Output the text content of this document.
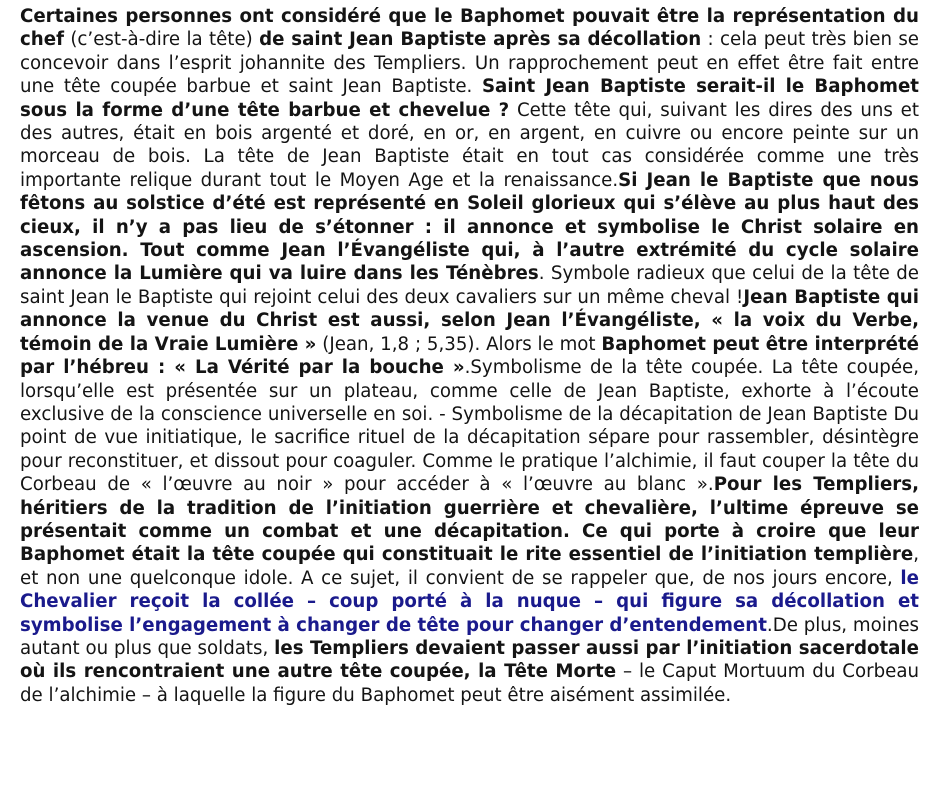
Certaines personnes ont considéré que le Baphomet pouvait être la représentation du chef (c’est-à-dire la tête) de saint Jean Baptiste après sa décollation : cela peut très bien se concevoir dans l’esprit johannite des Templiers. Un rapprochement peut en effet être fait entre une tête coupée barbue et saint Jean Baptiste. Saint Jean Baptiste serait-il le Baphomet sous la forme d’une tête barbue et chevelue ? Cette tête qui, suivant les dires des uns et des autres, était en bois argenté et doré, en or, en argent, en cuivre ou encore peinte sur un morceau de bois. La tête de Jean Baptiste était en tout cas considérée comme une très importante relique durant tout le Moyen Age et la renaissance.Si Jean le Baptiste que nous fêtons au solstice d’été est représenté en Soleil glorieux qui s’élève au plus haut des cieux, il n’y a pas lieu de s’étonner : il annonce et symbolise le Christ solaire en ascension. Tout comme Jean l’Évangéliste qui, à l’autre extrémité du cycle solaire annonce la Lumière qui va luire dans les Ténèbres. Symbole radieux que celui de la tête de saint Jean le Baptiste qui rejoint celui des deux cavaliers sur un même cheval !Jean Baptiste qui annonce la venue du Christ est aussi, selon Jean l’Évangéliste, « la voix du Verbe, témoin de la Vraie Lumière » (Jean, 1,8 ; 5,35). Alors le mot Baphomet peut être interprété par l’hébreu : « La Vérité par la bouche ».Symbolisme de la tête coupée. La tête coupée, lorsqu’elle est présentée sur un plateau, comme celle de Jean Baptiste, exhorte à l’écoute exclusive de la conscience universelle en soi. - Symbolisme de la décapitation de Jean Baptiste Du point de vue initiatique, le sacrifice rituel de la décapitation sépare pour rassembler, désintègre pour reconstituer, et dissout pour coaguler. Comme le pratique l’alchimie, il faut couper la tête du Corbeau de « l’œuvre au noir » pour accéder à « l’œuvre au blanc ».Pour les Templiers, héritiers de la tradition de l’initiation guerrière et chevalière, l’ultime épreuve se présentait comme un combat et une décapitation. Ce qui porte à croire que leur Baphomet était la tête coupée qui constituait le rite essentiel de l’initiation templière, et non une quelconque idole. A ce sujet, il convient de se rappeler que, de nos jours encore, le Chevalier reçoit la collée – coup porté à la nuque – qui figure sa décollation et symbolise l’engagement à changer de tête pour changer d’entendement.De plus, moines autant ou plus que soldats, les Templiers devaient passer aussi par l’initiation sacerdotale où ils rencontraient une autre tête coupée, la Tête Morte – le Caput Mortuum du Corbeau de l’alchimie – à laquelle la figure du Baphomet peut être aisément assimilée.
